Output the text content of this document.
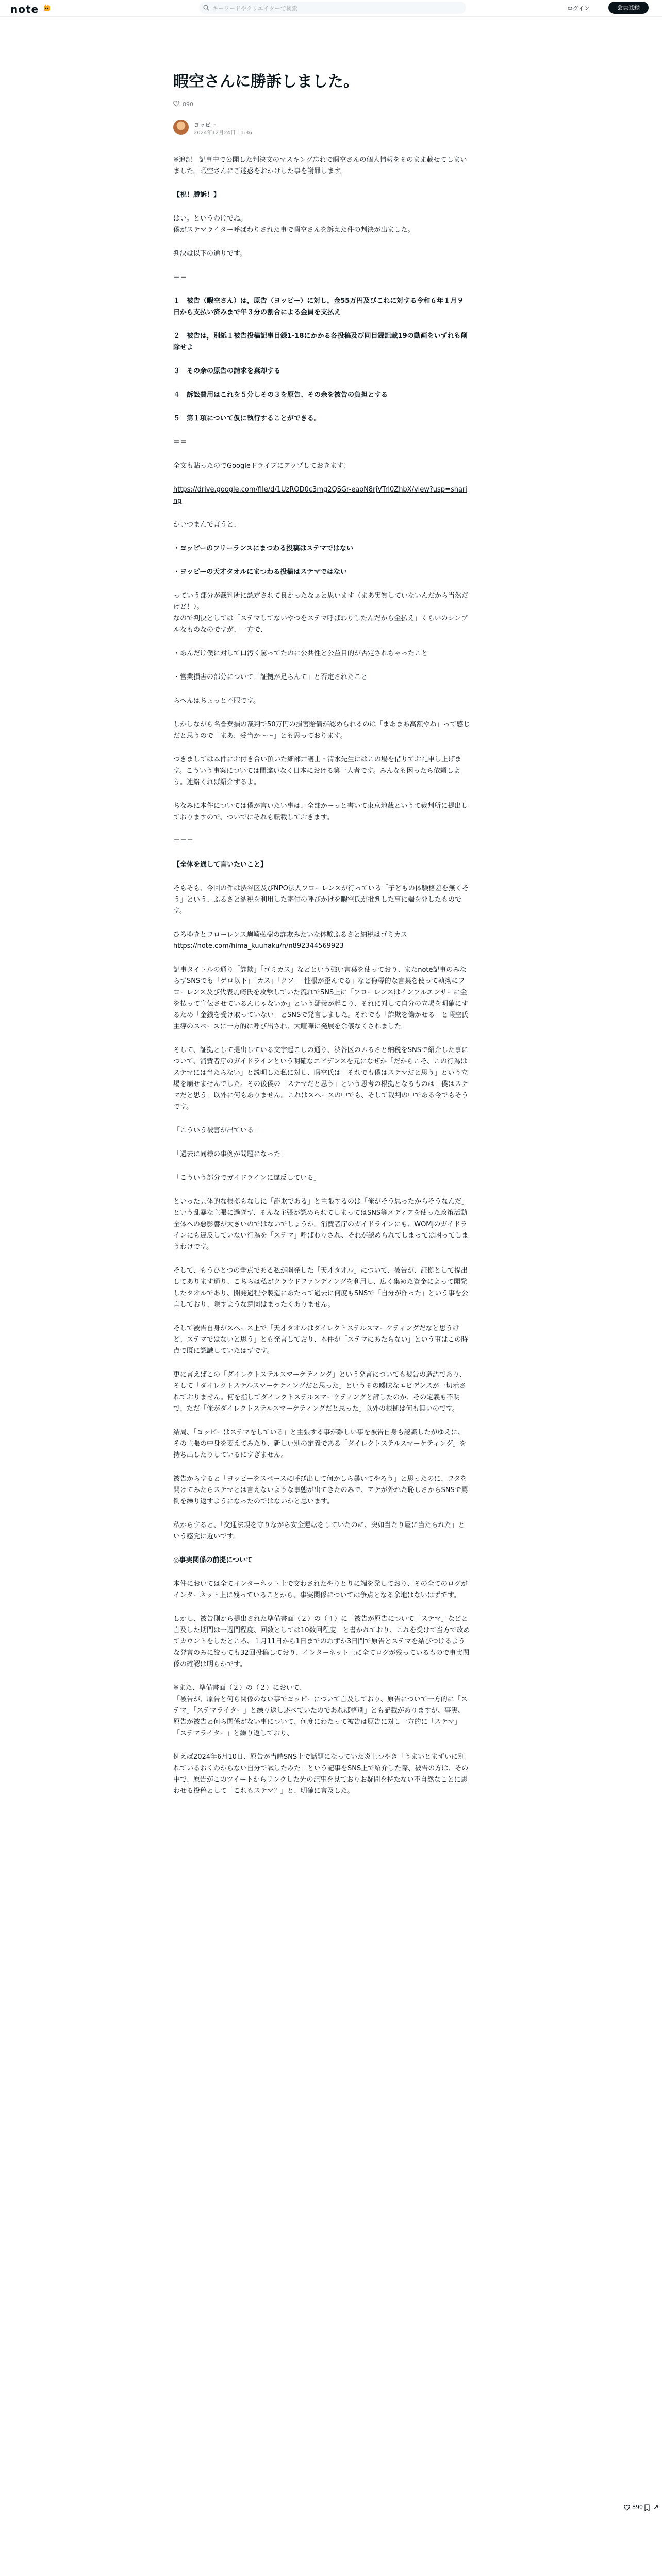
note	キーワードやクリエイターで検索	ログイン	会員登録
暇空さんに勝訴しました。
890
ヨッピー
2024年12月24日 11:36

※追記　記事中で公開した判決文のマスキング忘れで暇空さんの個人情報をそのまま載せてしまいました。暇空さんにご迷惑をおかけした事を謝罪します。

【祝！勝訴！】

はい。というわけでね。
僕がステマライター呼ばわりされた事で暇空さんを訴えた件の判決が出ました。

判決は以下の通りです。

＝＝

１　被告（暇空さん）は，原告（ヨッピー）に対し，金55万円及びこれに対する令和６年１月９日から支払い済みまで年３分の割合による金員を支払え

２　被告は，別紙１被告投稿記事目録1-18にかかる各投稿及び同目録記載19の動画をいずれも削除せよ

３　その余の原告の請求を棄却する

４　訴訟費用はこれを５分しその３を原告、その余を被告の負担とする

５　第１項について仮に執行することができる。

＝＝

全文も貼ったのでGoogleドライブにアップしておきます！

https://drive.google.com/file/d/1UzROD0c3mg2QSGr-eaoN8rjVTrl0ZhbX/view?usp=sharing

かいつまんで言うと、

・ヨッピーのフリーランスにまつわる投稿はステマではない

・ヨッピーの天才タオルにまつわる投稿はステマではない

っていう部分が裁判所に認定されて良かったなぁと思います（まあ実質していないんだから当然だけど！）。
なので判決としては「ステマしてないやつをステマ呼ばわりしたんだから金払え」くらいのシンプルなものなのですが、一方で、

・あんだけ僕に対して口汚く罵ってたのに公共性と公益目的が否定されちゃったこと

・営業損害の部分について「証拠が足らんて」と否定されたこと

らへんはちょっと不服です。

しかしながら名誉棄損の裁判で50万円の損害賠償が認められるのは「まあまあ高額やね」って感じだと思うので「まあ、妥当か～～」とも思っております。

つきましては本件にお付き合い頂いた細部井護士・清水先生にはこの場を借りてお礼申し上げます。こういう事案については間違いなく日本における第一人者です。みんなも困ったら依頼しよう。連絡くれば紹介するよ。

ちなみに本件については僕が言いたい事は、全部かーっと書いて東京地裁というて裁判所に提出しておりますので、ついでにそれも転載しておきます。

＝＝＝

【全体を通して言いたいこと】

そもそも、今回の件は渋谷区及びNPO法人フローレンスが行っている「子どもの体験格差を無くそう」という、ふるさと納税を利用した寄付の呼びかけを暇空氏が批判した事に端を発したものです。

ひろゆきとフローレンス駒崎弘樹の詐欺みたいな体験ふるさと納税はゴミカス
https://note.com/hima_kuuhaku/n/n892344569923

記事タイトルの通り「詐欺」「ゴミカス」などという強い言葉を使っており、またnote記事のみならずSNSでも「ゲロ以下」「カス」「クソ」「性根が歪んでる」など侮辱的な言葉を使って執拗にフローレンス及び代表駒崎氏を攻撃していた流れでSNS上に「フローレンスはインフルエンサーに金を払って宣伝させているんじゃないか」という疑義が起こり、それに対して自分の立場を明確にするため「金銭を受け取っていない」とSNSで発言しました。それでも「詐欺を働かせる」と暇空氏主導のスペースに一方的に呼び出され、大喧嘩に発展を余儀なくされました。

そして、証拠として提出している文字起こしの通り、渋谷区のふるさと納税をSNSで紹介した事について、消費者庁のガイドラインという明確なエビデンスを元になぜか「だからこそ、この行為はステマには当たらない」と説明した私に対し、暇空氏は「それでも僕はステマだと思う」という立場を崩せませんでした。その後僕の「ステマだと思う」という思考の根拠となるものは「僕はステマだと思う」以外に何もありません。これはスペースの中でも、そして裁判の中である今でもそうです。

「こういう被害が出ている」

「過去に同様の事例が問題になった」

「こういう部分でガイドラインに違反している」

といった具体的な根拠もなしに「詐欺である」と主張するのは「俺がそう思ったからそうなんだ」という乱暴な主張に過ぎず、そんな主張が認められてしまってはSNS等メディアを使った政策活動全体への悪影響が大きいのではないでしょうか。消費者庁のガイドラインにも、WOMJのガイドラインにも違反していない行為を「ステマ」呼ばわりされ、それが認められてしまっては困ってしまうわけです。

そして、もうひとつの争点である私が開発した「天才タオル」について、被告が、証拠として提出してあります通り、こちらは私がクラウドファンディングを利用し、広く集めた資金によって開発したタオルであり、開発過程や製造にあたって過去に何度もSNSで「自分が作った」という事を公言しており、隠すような意図はまったくありません。

そして被告自身がスペース上で「天才タオルはダイレクトステルスマーケティングだなと思うけど、ステマではないと思う」とも発言しており、本件が「ステマにあたらない」という事はこの時点で既に認識していたはずです。

更に言えばこの「ダイレクトステルスマーケティング」という発言についても被告の造語であり、そして「ダイレクトステルスマーケティングだと思った」というその曖昧なエビデンスが一切示されておりません。何を指してダイレクトステルスマーケティングと評したのか、その定義も不明で、ただ「俺がダイレクトステルスマーケティングだと思った」以外の根拠は何も無いのです。

結局、「ヨッピーはステマをしている」と主張する事が難しい事を被告自身も認識したがゆえに、その主張の中身を変えてみたり、新しい別の定義である「ダイレクトステルスマーケティング」を持ち出したりしているにすぎません。

被告からすると「ヨッピーをスペースに呼び出して何かしら暴いてやろう」と思ったのに、フタを開けてみたらステマとは言えないような事態が出てきたのみで、アテが外れた恥しさからSNSで罵倒を繰り返すようになったのではないかと思います。

私からすると、「交通法規を守りながら安全運転をしていたのに、突如当たり屋に当たられた」という感覚に近いです。

◎事実関係の前提について

本件においては全てインターネット上で交わされたやりとりに端を発しており、その全てのログがインターネット上に残っていることから、事実関係については争点となる余地はないはずです。

しかし、被告側から提出された準備書面（２）の（４）に「被告が原告について「ステマ」などと言及した期間は一週間程度、回数としては10数回程度」と書かれており、これを受けて当方で改めてカウントをしたところ、１月11日から1日までのわずか3日間で原告とステマを結びつけるような発言のみに絞っても32回投稿しており、インターネット上に全てログが残っているもので事実関係の確認は明らかです。

※また、準備書面（２）の（２）において、
「被告が、原告と何ら関係のない事でヨッピーについて言及しており、原告について一方的に「ステマ」「ステマライター」と繰り返し述べていたのであれば格別」とも記載がありますが、事実、原告が被告と何ら関係がない事について、何度にわたって被告は原告に対し一方的に「ステマ」「ステマライター」と繰り返しており、

例えば2024年6月10日、原告が当時SNS上で話題になっていた炎上つやき「うまいとまずいに別れているおくわからない自分で試したみた」という記事をSNS上で紹介した際、被告の方は、その中で、原告がこのツイートからリンクした先の記事を見ておりお疑問を持たない不自然なことに思わせる投稿として「これもステマ？」と、明確に言及した。

890
